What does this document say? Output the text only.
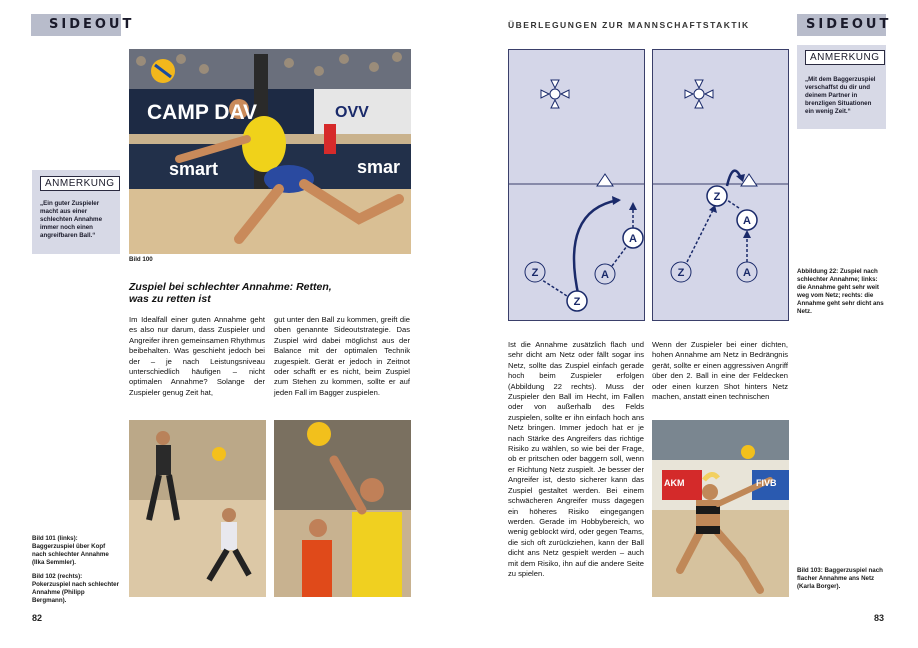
SIDEOUT
ANMERKUNG
„Ein guter Zuspieler macht aus einer schlechten Annahme immer noch einen angreifbaren Ball.“
CAMP DAV
smart	smar
OVV
Bild 100
Zuspiel bei schlechter Annahme: Retten, was zu retten ist
Im Idealfall einer guten Annahme geht es also nur darum, dass Zuspieler und Angreifer ihren gemeinsamen Rhythmus beibehalten. Was geschieht jedoch bei der – je nach Leistungsniveau unterschiedlich häufigen – nicht optimalen Annahme? Solange der Zuspieler genug Zeit hat,
gut unter den Ball zu kommen, greift die oben genannte Sideoutstrategie. Das Zuspiel wird dabei möglichst aus der Balance mit der optimalen Technik zugespielt. Gerät er jedoch in Zeitnot oder schafft er es nicht, beim Zuspiel zum Stehen zu kommen, sollte er auf jeden Fall im Bagger zuspielen.
Bild 101 (links): Baggerzuspiel über Kopf nach schlechter Annahme (Ilka Semmler).
Bild 102 (rechts): Pokerzuspiel nach schlechter Annahme (Philipp Bergmann).
82
ÜBERLEGUNGEN ZUR MANNSCHAFTSTAKTIK	SIDEOUT
ANMERKUNG
„Mit dem Baggerzuspiel verschaffst du dir und deinem Partner in brenzligen Situationen ein wenig Zeit.“
Z
Z
A
A
Z
Z
A
A
Abbildung 22: Zuspiel nach schlechter Annahme; links: die Annahme geht sehr weit weg vom Netz; rechts: die Annahme geht sehr dicht ans Netz.
Ist die Annahme zusätzlich flach und sehr dicht am Netz oder fällt sogar ins Netz, sollte das Zuspiel einfach gerade hoch beim Zuspieler erfolgen (Abbildung 22 rechts). Muss der Zuspieler den Ball im Hecht, im Fallen oder von außerhalb des Felds zuspielen, sollte er ihn einfach hoch ans Netz bringen. Immer jedoch hat er je nach Stärke des Angreifers das richtige Risiko zu wählen, so wie bei der Frage, ob er pritschen oder baggern soll, wenn er Richtung Netz zuspielt. Je besser der Angreifer ist, desto sicherer kann das Zuspiel gestaltet werden. Bei einem schwächeren Angreifer muss dagegen ein höheres Risiko eingegangen werden. Gerade im Hobbybereich, wo wenig geblockt wird, oder gegen Teams, die sich oft zurückziehen, kann der Ball dicht ans Netz gespielt werden – auch mit dem Risiko, ihn auf die andere Seite zu spielen.
Wenn der Zuspieler bei einer dichten, hohen Annahme am Netz in Bedrängnis gerät, sollte er einen aggressiven Angriff über den 2. Ball in eine der Feldecken oder einen kurzen Shot hinters Netz machen, anstatt einen technischen
AKM	FIVB
Bild 103: Baggerzuspiel nach flacher Annahme ans Netz (Karla Borger).
83
